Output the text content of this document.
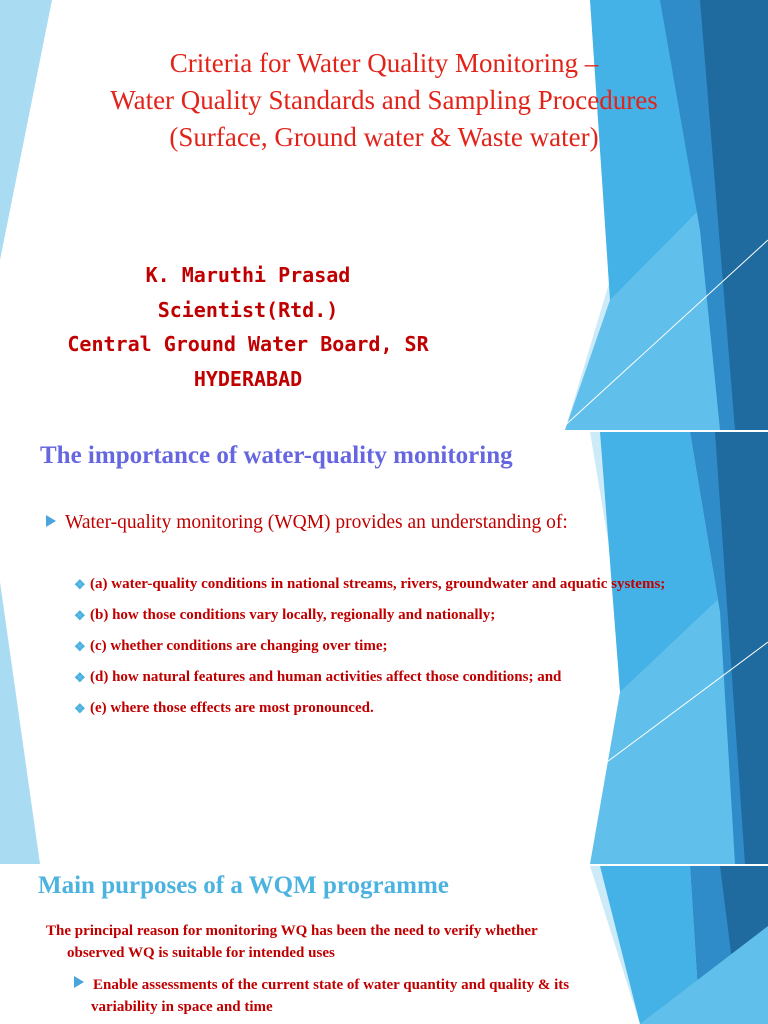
Criteria for Water Quality Monitoring –
Water Quality Standards and Sampling Procedures
(Surface, Ground water & Waste water)
K. Maruthi Prasad
Scientist(Rtd.)
Central Ground Water Board, SR
HYDERABAD
The importance of water-quality monitoring
Water-quality monitoring (WQM) provides an understanding of:
❖ (a) water-quality conditions in national streams, rivers, groundwater and aquatic systems;
❖ (b) how those conditions vary locally, regionally and nationally;
❖ (c) whether conditions are changing over time;
❖ (d) how natural features and human activities affect those conditions; and
❖ (e) where those effects are most pronounced.
Main purposes of a WQM programme
The principal reason for monitoring WQ has been the need to verify whether
observed WQ is suitable for intended uses
Enable assessments of the current state of water quantity and quality & its
variability in space and time
